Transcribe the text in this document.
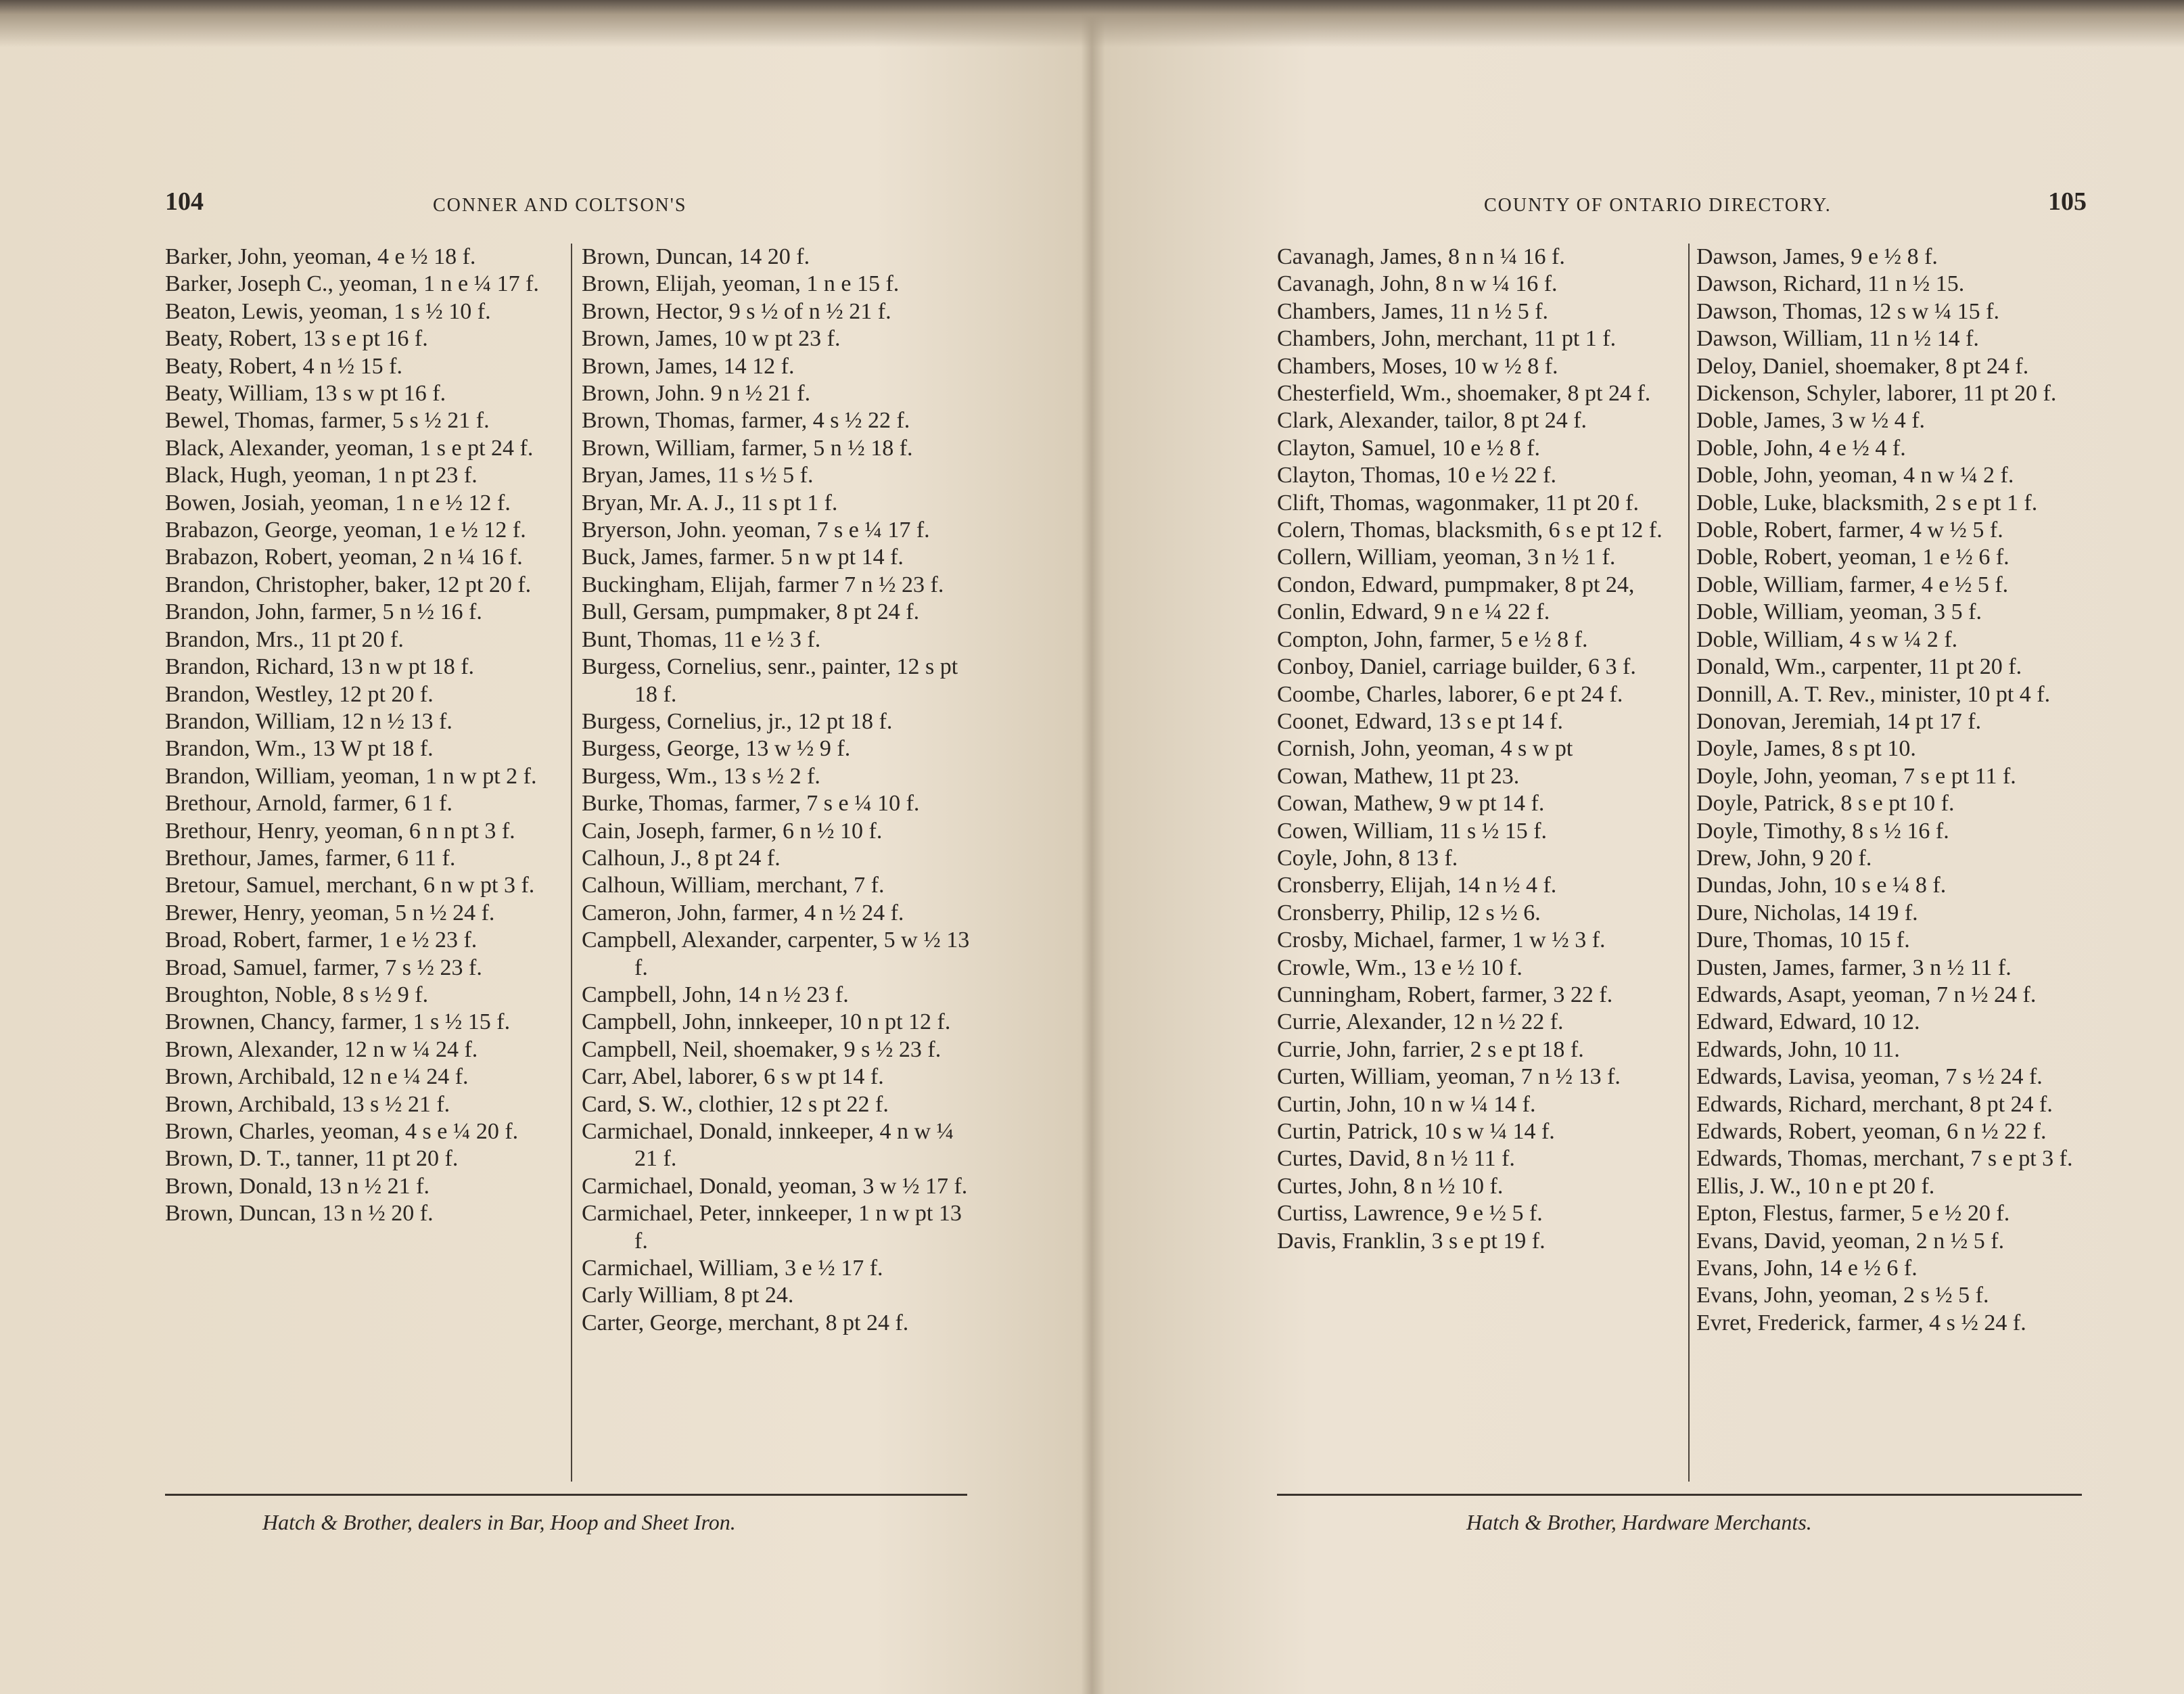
104	CONNER AND COLTSON'S
Barker, John, yeoman, 4 e ½ 18 f.
Barker, Joseph C., yeoman, 1 n e ¼ 17 f.
Beaton, Lewis, yeoman, 1 s ½ 10 f.
Beaty, Robert, 13 s e pt 16 f.
Beaty, Robert, 4 n ½ 15 f.
Beaty, William, 13 s w pt 16 f.
Bewel, Thomas, farmer, 5 s ½ 21 f.
Black, Alexander, yeoman, 1 s e pt 24 f.
Black, Hugh, yeoman, 1 n pt 23 f.
Bowen, Josiah, yeoman, 1 n e ½ 12 f.
Brabazon, George, yeoman, 1 e ½ 12 f.
Brabazon, Robert, yeoman, 2 n ¼ 16 f.
Brandon, Christopher, baker, 12 pt 20 f.
Brandon, John, farmer, 5 n ½ 16 f.
Brandon, Mrs., 11 pt 20 f.
Brandon, Richard, 13 n w pt 18 f.
Brandon, Westley, 12 pt 20 f.
Brandon, William, 12 n ½ 13 f.
Brandon, Wm., 13 W pt 18 f.
Brandon, William, yeoman, 1 n w pt 2 f.
Brethour, Arnold, farmer, 6 1 f.
Brethour, Henry, yeoman, 6 n n pt 3 f.
Brethour, James, farmer, 6 11 f.
Bretour, Samuel, merchant, 6 n w pt 3 f.
Brewer, Henry, yeoman, 5 n ½ 24 f.
Broad, Robert, farmer, 1 e ½ 23 f.
Broad, Samuel, farmer, 7 s ½ 23 f.
Broughton, Noble, 8 s ½ 9 f.
Brownen, Chancy, farmer, 1 s ½ 15 f.
Brown, Alexander, 12 n w ¼ 24 f.
Brown, Archibald, 12 n e ¼ 24 f.
Brown, Archibald, 13 s ½ 21 f.
Brown, Charles, yeoman, 4 s e ¼ 20 f.
Brown, D. T., tanner, 11 pt 20 f.
Brown, Donald, 13 n ½ 21 f.
Brown, Duncan, 13 n ½ 20 f.
Brown, Duncan, 14 20 f.
Brown, Elijah, yeoman, 1 n e 15 f.
Brown, Hector, 9 s ½ of n ½ 21 f.
Brown, James, 10 w pt 23 f.
Brown, James, 14 12 f.
Brown, John. 9 n ½ 21 f.
Brown, Thomas, farmer, 4 s ½ 22 f.
Brown, William, farmer, 5 n ½ 18 f.
Bryan, James, 11 s ½ 5 f.
Bryan, Mr. A. J., 11 s pt 1 f.
Bryerson, John. yeoman, 7 s e ¼ 17 f.
Buck, James, farmer. 5 n w pt 14 f.
Buckingham, Elijah, farmer 7 n ½ 23 f.
Bull, Gersam, pumpmaker, 8 pt 24 f.
Bunt, Thomas, 11 e ½ 3 f.
Burgess, Cornelius, senr., painter, 12 s pt 18 f.
Burgess, Cornelius, jr., 12 pt 18 f.
Burgess, George, 13 w ½ 9 f.
Burgess, Wm., 13 s ½ 2 f.
Burke, Thomas, farmer, 7 s e ¼ 10 f.
Cain, Joseph, farmer, 6 n ½ 10 f.
Calhoun, J., 8 pt 24 f.
Calhoun, William, merchant, 7 f.
Cameron, John, farmer, 4 n ½ 24 f.
Campbell, Alexander, carpenter, 5 w ½ 13 f.
Campbell, John, 14 n ½ 23 f.
Campbell, John, innkeeper, 10 n pt 12 f.
Campbell, Neil, shoemaker, 9 s ½ 23 f.
Carr, Abel, laborer, 6 s w pt 14 f.
Card, S. W., clothier, 12 s pt 22 f.
Carmichael, Donald, innkeeper, 4 n w ¼ 21 f.
Carmichael, Donald, yeoman, 3 w ½ 17 f.
Carmichael, Peter, innkeeper, 1 n w pt 13 f.
Carmichael, William, 3 e ½ 17 f.
Carly William, 8 pt 24.
Carter, George, merchant, 8 pt 24 f.
Hatch & Brother, dealers in Bar, Hoop and Sheet Iron.
COUNTY OF ONTARIO DIRECTORY.	105
Cavanagh, James, 8 n n ¼ 16 f.
Cavanagh, John, 8 n w ¼ 16 f.
Chambers, James, 11 n ½ 5 f.
Chambers, John, merchant, 11 pt 1 f.
Chambers, Moses, 10 w ½ 8 f.
Chesterfield, Wm., shoemaker, 8 pt 24 f.
Clark, Alexander, tailor, 8 pt 24 f.
Clayton, Samuel, 10 e ½ 8 f.
Clayton, Thomas, 10 e ½ 22 f.
Clift, Thomas, wagonmaker, 11 pt 20 f.
Colern, Thomas, blacksmith, 6 s e pt 12 f.
Collern, William, yeoman, 3 n ½ 1 f.
Condon, Edward, pumpmaker, 8 pt 24,
Conlin, Edward, 9 n e ¼ 22 f.
Compton, John, farmer, 5 e ½ 8 f.
Conboy, Daniel, carriage builder, 6 3 f.
Coombe, Charles, laborer, 6 e pt 24 f.
Coonet, Edward, 13 s e pt 14 f.
Cornish, John, yeoman, 4 s w pt
Cowan, Mathew, 11 pt 23.
Cowan, Mathew, 9 w pt 14 f.
Cowen, William, 11 s ½ 15 f.
Coyle, John, 8 13 f.
Cronsberry, Elijah, 14 n ½ 4 f.
Cronsberry, Philip, 12 s ½ 6.
Crosby, Michael, farmer, 1 w ½ 3 f.
Crowle, Wm., 13 e ½ 10 f.
Cunningham, Robert, farmer, 3 22 f.
Currie, Alexander, 12 n ½ 22 f.
Currie, John, farrier, 2 s e pt 18 f.
Curten, William, yeoman, 7 n ½ 13 f.
Curtin, John, 10 n w ¼ 14 f.
Curtin, Patrick, 10 s w ¼ 14 f.
Curtes, David, 8 n ½ 11 f.
Curtes, John, 8 n ½ 10 f.
Curtiss, Lawrence, 9 e ½ 5 f.
Davis, Franklin, 3 s e pt 19 f.
Dawson, James, 9 e ½ 8 f.
Dawson, Richard, 11 n ½ 15.
Dawson, Thomas, 12 s w ¼ 15 f.
Dawson, William, 11 n ½ 14 f.
Deloy, Daniel, shoemaker, 8 pt 24 f.
Dickenson, Schyler, laborer, 11 pt 20 f.
Doble, James, 3 w ½ 4 f.
Doble, John, 4 e ½ 4 f.
Doble, John, yeoman, 4 n w ¼ 2 f.
Doble, Luke, blacksmith, 2 s e pt 1 f.
Doble, Robert, farmer, 4 w ½ 5 f.
Doble, Robert, yeoman, 1 e ½ 6 f.
Doble, William, farmer, 4 e ½ 5 f.
Doble, William, yeoman, 3 5 f.
Doble, William, 4 s w ¼ 2 f.
Donald, Wm., carpenter, 11 pt 20 f.
Donnill, A. T. Rev., minister, 10 pt 4 f.
Donovan, Jeremiah, 14 pt 17 f.
Doyle, James, 8 s pt 10.
Doyle, John, yeoman, 7 s e pt 11 f.
Doyle, Patrick, 8 s e pt 10 f.
Doyle, Timothy, 8 s ½ 16 f.
Drew, John, 9 20 f.
Dundas, John, 10 s e ¼ 8 f.
Dure, Nicholas, 14 19 f.
Dure, Thomas, 10 15 f.
Dusten, James, farmer, 3 n ½ 11 f.
Edwards, Asapt, yeoman, 7 n ½ 24 f.
Edward, Edward, 10 12.
Edwards, John, 10 11.
Edwards, Lavisa, yeoman, 7 s ½ 24 f.
Edwards, Richard, merchant, 8 pt 24 f.
Edwards, Robert, yeoman, 6 n ½ 22 f.
Edwards, Thomas, merchant, 7 s e pt 3 f.
Ellis, J. W., 10 n e pt 20 f.
Epton, Flestus, farmer, 5 e ½ 20 f.
Evans, David, yeoman, 2 n ½ 5 f.
Evans, John, 14 e ½ 6 f.
Evans, John, yeoman, 2 s ½ 5 f.
Evret, Frederick, farmer, 4 s ½ 24 f.
Hatch & Brother, Hardware Merchants.
